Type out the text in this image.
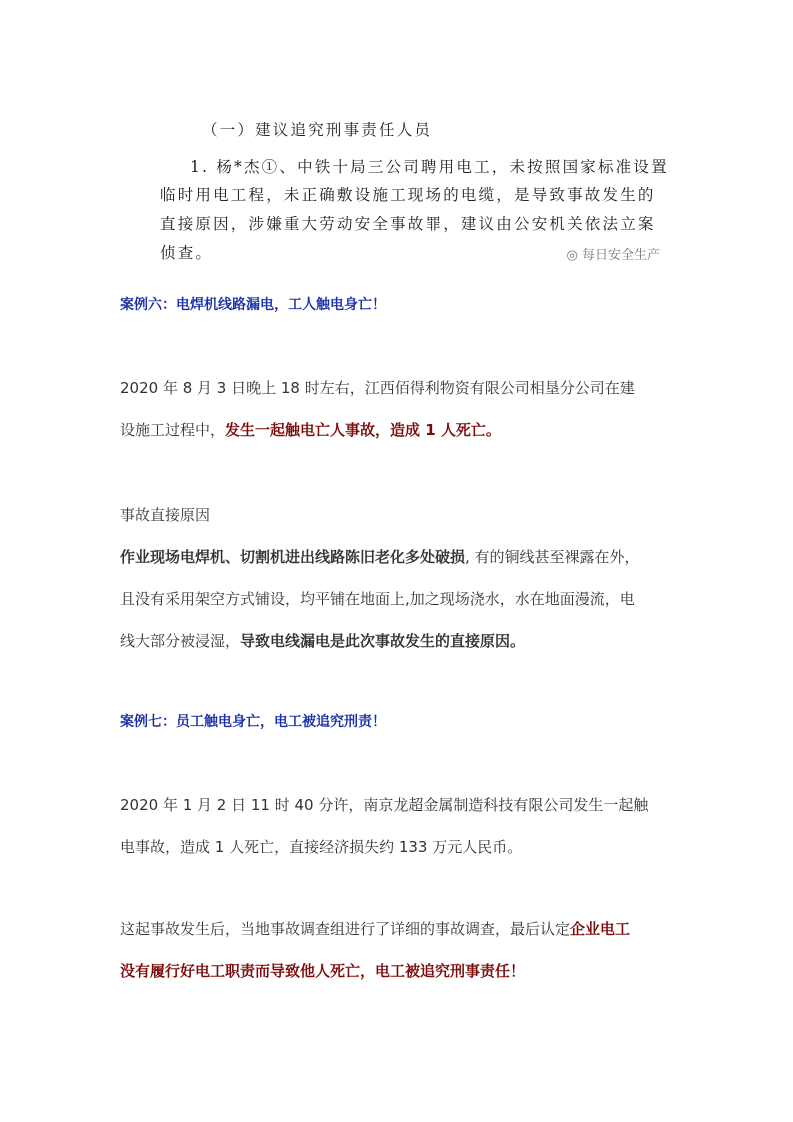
（一）建议追究刑事责任人员
1. 杨*杰①、中铁十局三公司聘用电工，未按照国家标准设置
临时用电工程，未正确敷设施工现场的电缆，是导致事故发生的
直接原因，涉嫌重大劳动安全事故罪，建议由公安机关依法立案
侦查。	◎ 每日安全生产
案例六：电焊机线路漏电，工人触电身亡！
2020 年 8 月 3 日晚上 18 时左右，江西佰得利物资有限公司相垦分公司在建
设施工过程中，发生一起触电亡人事故，造成 1 人死亡。
事故直接原因
作业现场电焊机、切割机进出线路陈旧老化多处破损, 有的铜线甚至裸露在外，
且没有采用架空方式铺设，均平铺在地面上,加之现场浇水，水在地面漫流，电
线大部分被浸湿，导致电线漏电是此次事故发生的直接原因。
案例七：员工触电身亡，电工被追究刑责！
2020 年 1 月 2 日 11 时 40 分许，南京龙超金属制造科技有限公司发生一起触
电事故，造成 1 人死亡，直接经济损失约 133 万元人民币。
这起事故发生后，当地事故调查组进行了详细的事故调查，最后认定企业电工
没有履行好电工职责而导致他人死亡，电工被追究刑事责任！
